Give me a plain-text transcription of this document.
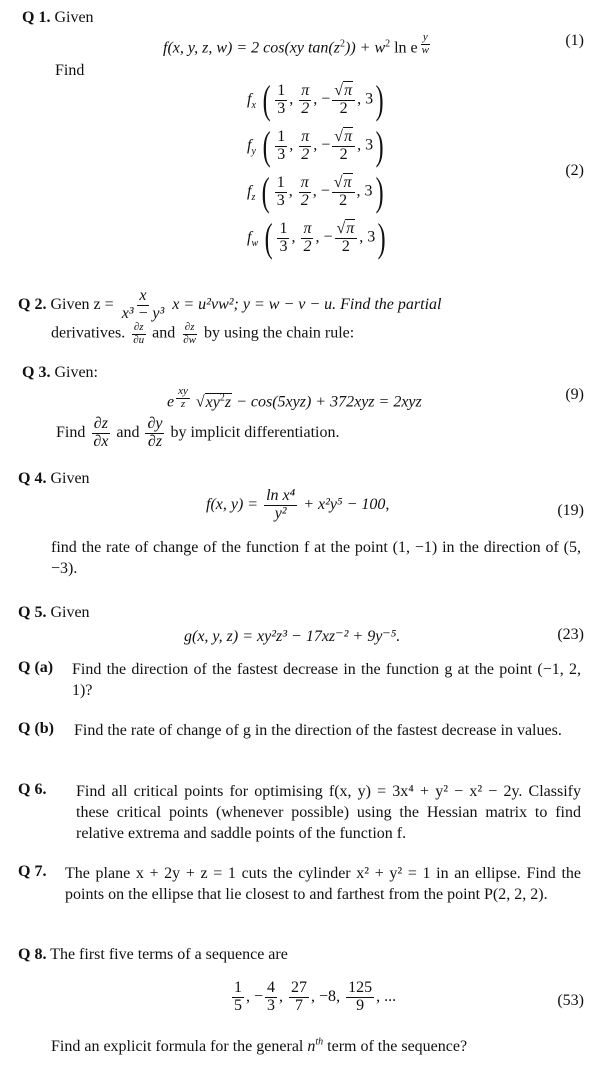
Q 1. Given
f(x, y, z, w) = 2 cos(xy $\tan(z^2)) + w^2$ ln e $^{\frac{y}{w}}$	(1)
Find
$f_x$ ( $\frac{1}{3}$ , $\frac{\pi}{2}$ , − $\frac{√\pi}{2}$ , 3)
$f_y$ ( $\frac{1}{3}$ , $\frac{\pi}{2}$ , − $\frac{√\pi}{2}$ , 3)
$f_z$ ( $\frac{1}{3}$ , $\frac{\pi}{2}$ , − $\frac{√\pi}{2}$ , 3)
$f_w$ ( $\frac{1}{3}$ , $\frac{\pi}{2}$ , − $\frac{√\pi}{2}$ , 3)
(2)
Q 2. Given $z = \frac{x}{\text{x³ − y³}}$ x = u²vw²; y = w − v − u. Find the partial
derivatives. $\frac{\partial z}{\partial u}$ and $\frac{\partial z}{\partial w}$ by using the chain rule:
Q 3. Given:
e $^{\frac{xy}{z}}$ $√xy^2z - \cos(5xyz) + 372xyz = 2xyz$	(9)
Find $\frac{\partial z}{\partial x}$ and $\frac{\partial y}{\partial z}$ by implicit differentiation.
Q 4. Given
f(x, $y) = \frac{\text{ln x⁴}}{\text{y²}} + x^2y^5 - 100$,	(19)
find the rate of change of the function f at the point (1, −1) in the direction of (5, −3).
Q 5. Given
g(x, y, z) = xy²z³ − 17xz⁻² + 9y⁻⁵.	(23)
Q (a) Find the direction of the fastest decrease in the function g at the point (−1, 2, 1)?
Q (b) Find the rate of change of g in the direction of the fastest decrease in values.
Q 6. Find all critical points for optimising f(x, y) = 3x⁴ + y² − x² − 2y. Classify these critical points (whenever possible) using the Hessian matrix to find relative extrema and saddle points of the function f.
Q 7. The plane x + 2y + z = 1 cuts the cylinder x² + y² = 1 in an ellipse. Find the points on the ellipse that lie closest to and farthest from the point P(2, 2, 2).
Q 8. The first five terms of a sequence are
$\frac{1}{5}$ , − $\frac{4}{3}$ , $\frac{27}{7}$ , −8, $\frac{125}{9}$ , ...	(53)
Find an explicit formula for the general $n^{th}$ term of the sequence?
